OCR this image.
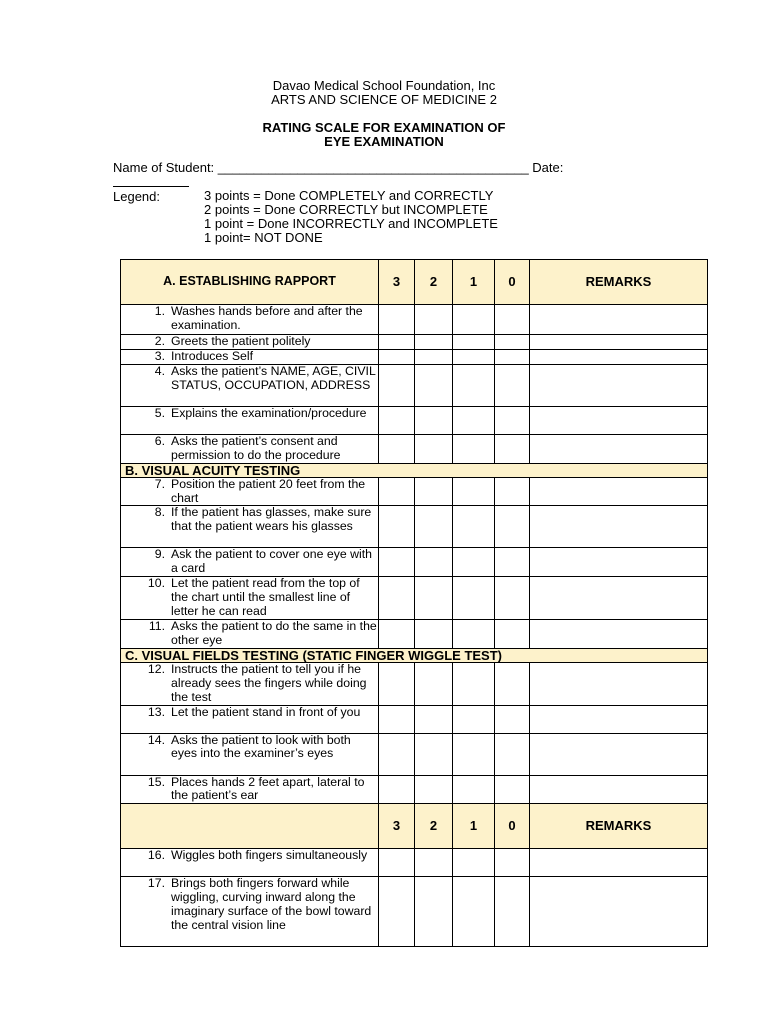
Davao Medical School Foundation, Inc
ARTS AND SCIENCE OF MEDICINE 2
RATING SCALE FOR EXAMINATION OF
EYE EXAMINATION
Name of Student: ___________________________________________ Date:
Legend:	3 points = Done COMPLETELY and CORRECTLY
2 points = Done CORRECTLY but INCOMPLETE
1 point = Done INCORRECTLY and INCOMPLETE
1 point= NOT DONE
A. ESTABLISHING RAPPORT	3	2	1	0	REMARKS

1. Washes hands before and after the examination.					

2. Greets the patient politely					

3. Introduces Self					

4. Asks the patient’s NAME, AGE, CIVIL STATUS, OCCUPATION, ADDRESS					

5. Explains the examination/procedure					

6. Asks the patient’s consent and permission to do the procedure					

B. VISUAL ACUITY TESTING					

7. Position the patient 20 feet from the chart					

8. If the patient has glasses, make sure that the patient wears his glasses					

9. Ask the patient to cover one eye with a card					

10. Let the patient read from the top of the chart until the smallest line of letter he can read					

11. Asks the patient to do the same in the other eye					

C. VISUAL FIELDS TESTING (STATIC FINGER WIGGLE TEST)					

12. Instructs the patient to tell you if he already sees the fingers while doing the test					

13. Let the patient stand in front of you					

14. Asks the patient to look with both eyes into the examiner’s eyes					

15. Places hands 2 feet apart, lateral to the patient’s ear					

	3	2	1	0	REMARKS

16. Wiggles both fingers simultaneously					

17. Brings both fingers forward while wiggling, curving inward along the imaginary surface of the bowl toward the central vision line					
